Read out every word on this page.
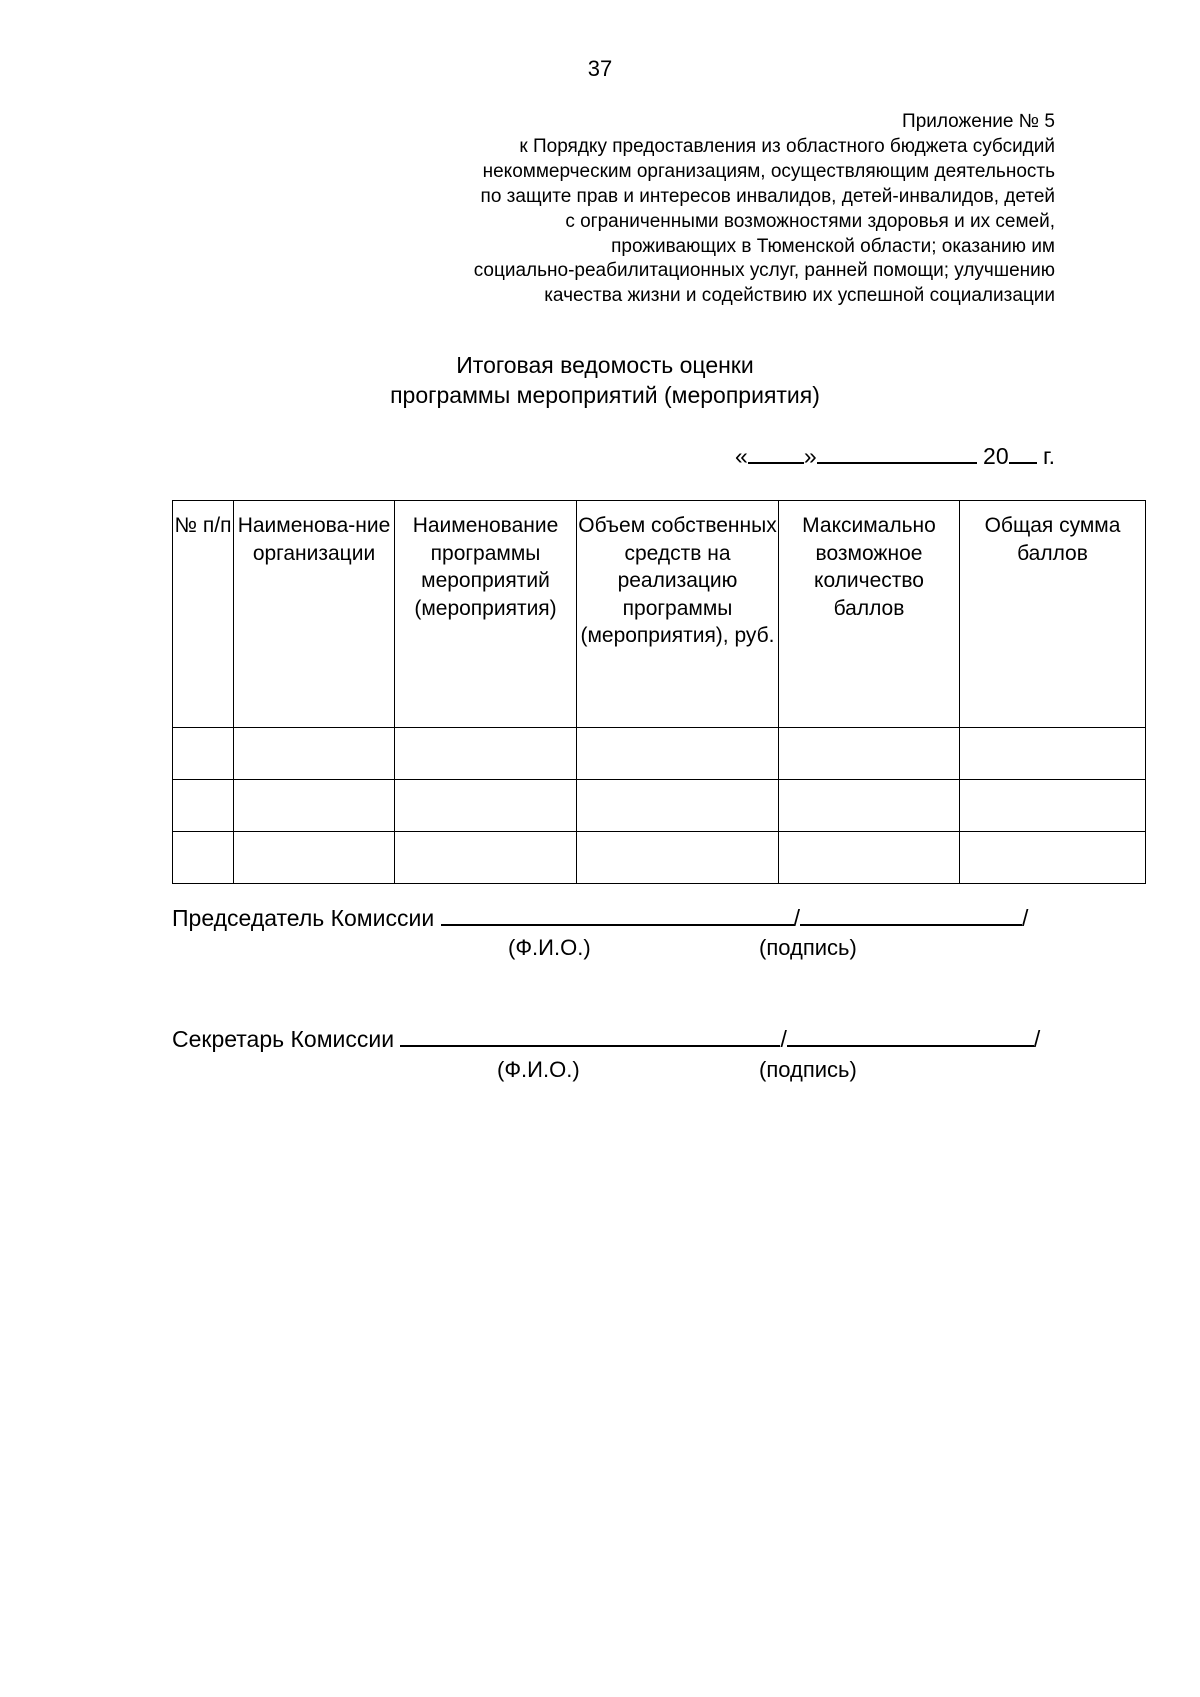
37
Приложение № 5
к Порядку предоставления из областного бюджета субсидий
некоммерческим организациям, осуществляющим деятельность
по защите прав и интересов инвалидов, детей-инвалидов, детей
с ограниченными возможностями здоровья и их семей,
проживающих в Тюменской области; оказанию им
социально-реабилитационных услуг, ранней помощи; улучшению
качества жизни и содействию их успешной социализации
Итоговая ведомость оценки
программы мероприятий (мероприятия)
« »	20 г.
№ п/п	Наименова-ние организации	Наименование программы мероприятий (мероприятия)	Объем собственных средств на реализацию программы (мероприятия), руб.	Максимально возможное количество баллов	Общая сумма баллов

Председатель Комиссии	/	/
(Ф.И.О.)	(подпись)
Секретарь Комиссии	/	/
(Ф.И.О.)	(подпись)
